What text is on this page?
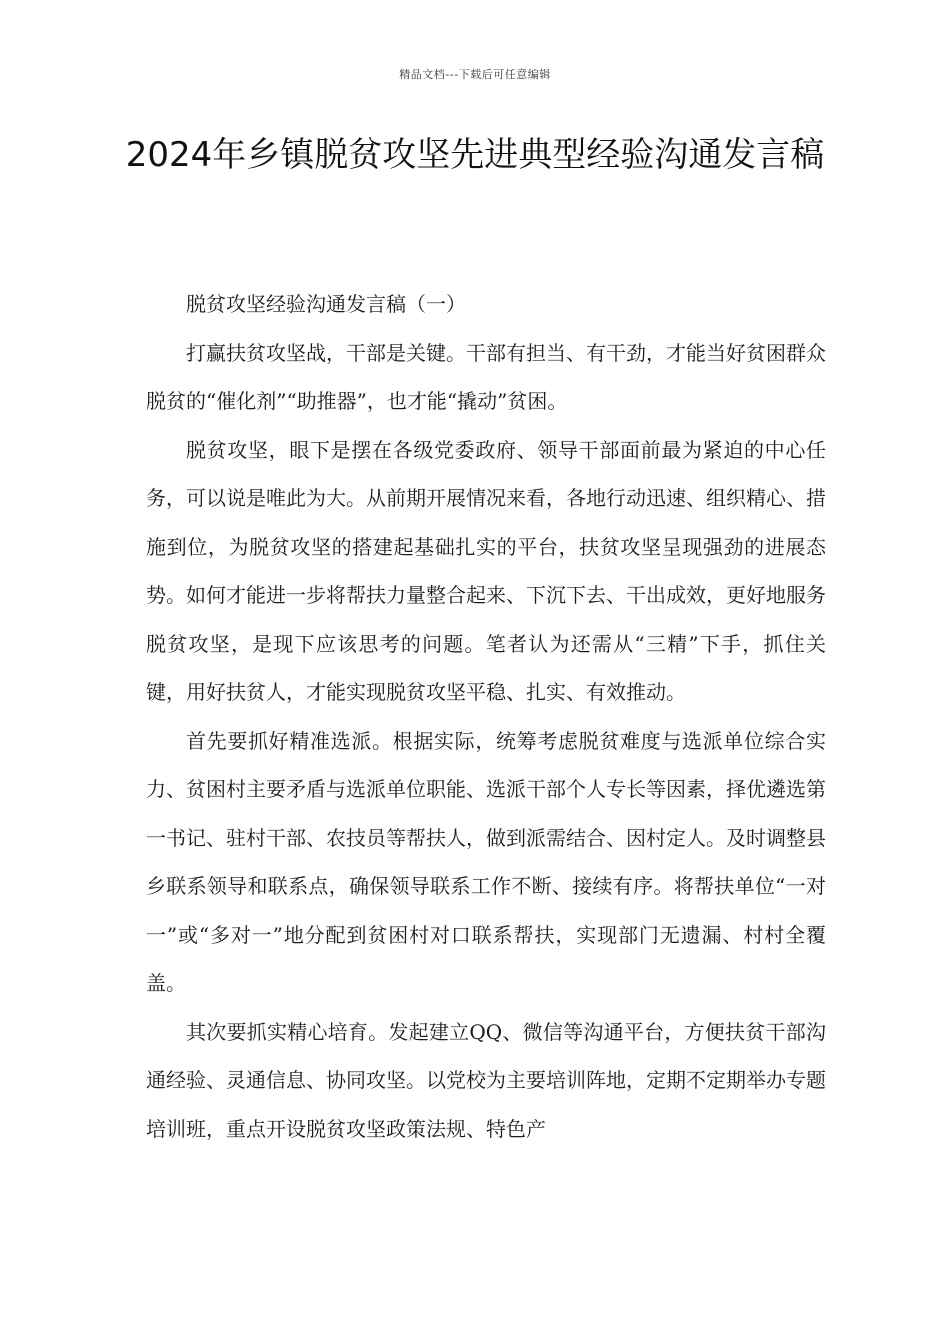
精品文档---下载后可任意编辑
2024年乡镇脱贫攻坚先进典型经验沟通发言稿

脱贫攻坚经验沟通发言稿（一）

打赢扶贫攻坚战，干部是关键。干部有担当、有干劲，才能当好贫困群众脱贫的“催化剂”“助推器”，也才能“撬动”贫困。

脱贫攻坚，眼下是摆在各级党委政府、领导干部面前最为紧迫的中心任务，可以说是唯此为大。从前期开展情况来看，各地行动迅速、组织精心、措施到位，为脱贫攻坚的搭建起基础扎实的平台，扶贫攻坚呈现强劲的进展态势。如何才能进一步将帮扶力量整合起来、下沉下去、干出成效，更好地服务脱贫攻坚，是现下应该思考的问题。笔者认为还需从“三精”下手，抓住关键，用好扶贫人，才能实现脱贫攻坚平稳、扎实、有效推动。

首先要抓好精准选派。根据实际，统筹考虑脱贫难度与选派单位综合实力、贫困村主要矛盾与选派单位职能、选派干部个人专长等因素，择优遴选第一书记、驻村干部、农技员等帮扶人，做到派需结合、因村定人。及时调整县乡联系领导和联系点，确保领导联系工作不断、接续有序。将帮扶单位“一对一”或“多对一”地分配到贫困村对口联系帮扶，实现部门无遗漏、村村全覆盖。

其次要抓实精心培育。发起建立QQ、微信等沟通平台，方便扶贫干部沟通经验、灵通信息、协同攻坚。以党校为主要培训阵地，定期不定期举办专题培训班，重点开设脱贫攻坚政策法规、特色产
